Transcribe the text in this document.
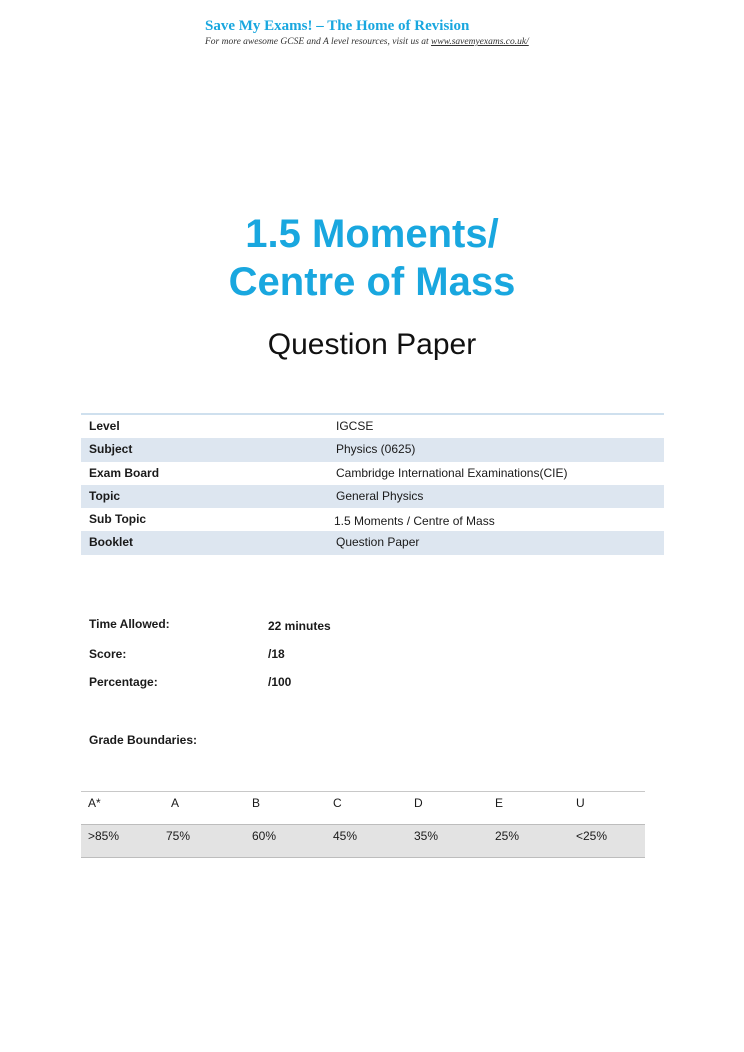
Save My Exams! – The Home of Revision
For more awesome GCSE and A level resources, visit us at www.savemyexams.co.uk/
1.5 Moments/
Centre of Mass
Question Paper
Level	IGCSE
Subject	Physics (0625)
Exam Board	Cambridge International Examinations(CIE)
Topic	General Physics
Sub Topic	1.5 Moments / Centre of Mass
Booklet	Question Paper
Time Allowed:	22 minutes
Score:	/18
Percentage:	/100
Grade Boundaries:
A*	A	B	C	D	E	U
>85%	75%	60%	45%	35%	25%	<25%
